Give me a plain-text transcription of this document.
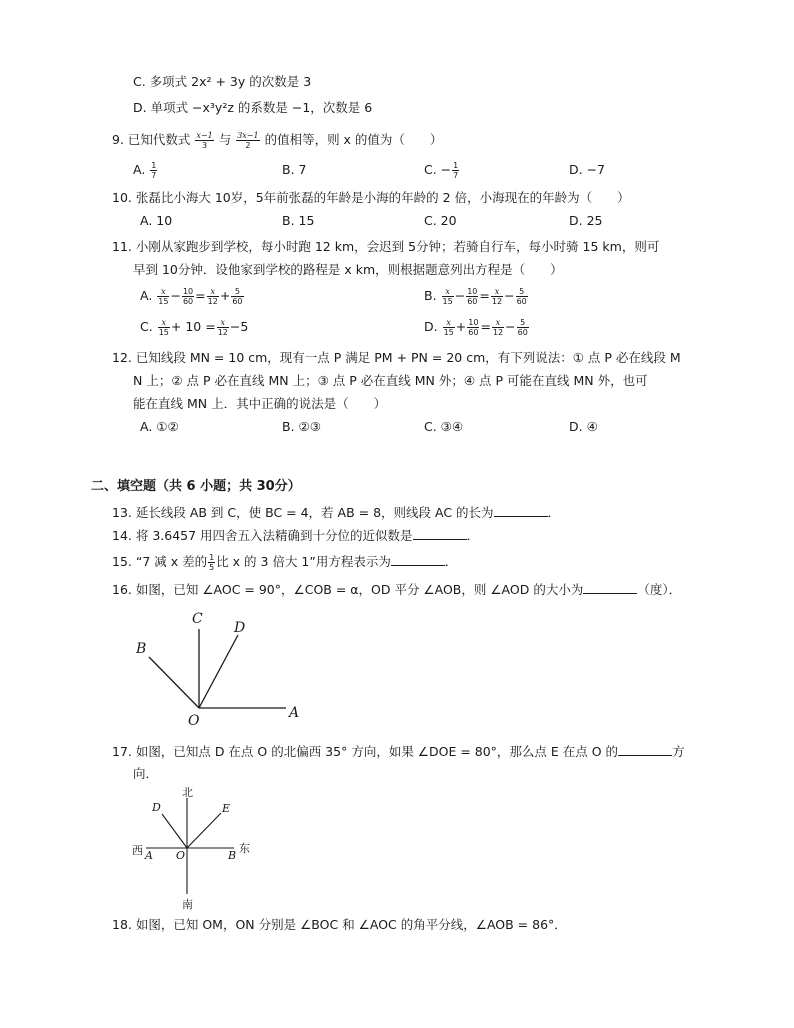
C. 多项式 2x² + 3y 的次数是 3
D. 单项式 −x³y²z 的系数是 −1，次数是 6
9. 已知代数式 $\frac{x-1}{3}$ 与 $\frac{3x-1}{2}$ 的值相等，则 x 的值为（　　）
A. $\frac{1}{7}$	B. 7	C. − $\frac{1}{7}$	D. −7
10. 张磊比小海大 10岁，5年前张磊的年龄是小海的年龄的 2 倍，小海现在的年龄为（　　）
A. 10	B. 15	C. 20	D. 25
11. 小刚从家跑步到学校，每小时跑 12 km，会迟到 5分钟；若骑自行车，每小时骑 15 km，则可
早到 10分钟．设他家到学校的路程是 x km，则根据题意列出方程是（　　）
A. $\frac{x}{15} - \frac{10}{60} = \frac{x}{12} + \frac{5}{60}$	B. $\frac{x}{15} - \frac{10}{60} = \frac{x}{12} - \frac{5}{60}$
C. $\frac{x}{15} + 10 = \frac{x}{12} -5$	D. $\frac{x}{15} + \frac{10}{60} = \frac{x}{12} - \frac{5}{60}$
12. 已知线段 MN = 10 cm，现有一点 P 满足 PM + PN = 20 cm，有下列说法：① 点 P 必在线段 M
N 上；② 点 P 必在直线 MN 上；③ 点 P 必在直线 MN 外；④ 点 P 可能在直线 MN 外，也可
能在直线 MN 上．其中正确的说法是（　　）
A. ①②	B. ②③	C. ③④	D. ④
二、填空题（共 6 小题；共 30分）
13. 延长线段 AB 到 C，使 BC = 4，若 AB = 8，则线段 AC 的长为	．
14. 将 3.6457 用四舍五入法精确到十分位的近似数是	．
15. “7 减 x 差的 $\frac{1}{5}$ 比 x 的 3 倍大 1”用方程表示为	．
16. 如图，已知 ∠AOC = 90°，∠COB = α，OD 平分 ∠AOB，则 ∠AOD 的大小为	（度）．
B
C
D
O	A
17. 如图，已知点 D 在点 O 的北偏西 35° 方向，如果 ∠DOE = 80°，那么点 E 在点 O 的	方
向．
北
南
西	东
A O	B
D	E
18. 如图，已知 OM，ON 分别是 ∠BOC 和 ∠AOC 的角平分线，∠AOB = 86°．
